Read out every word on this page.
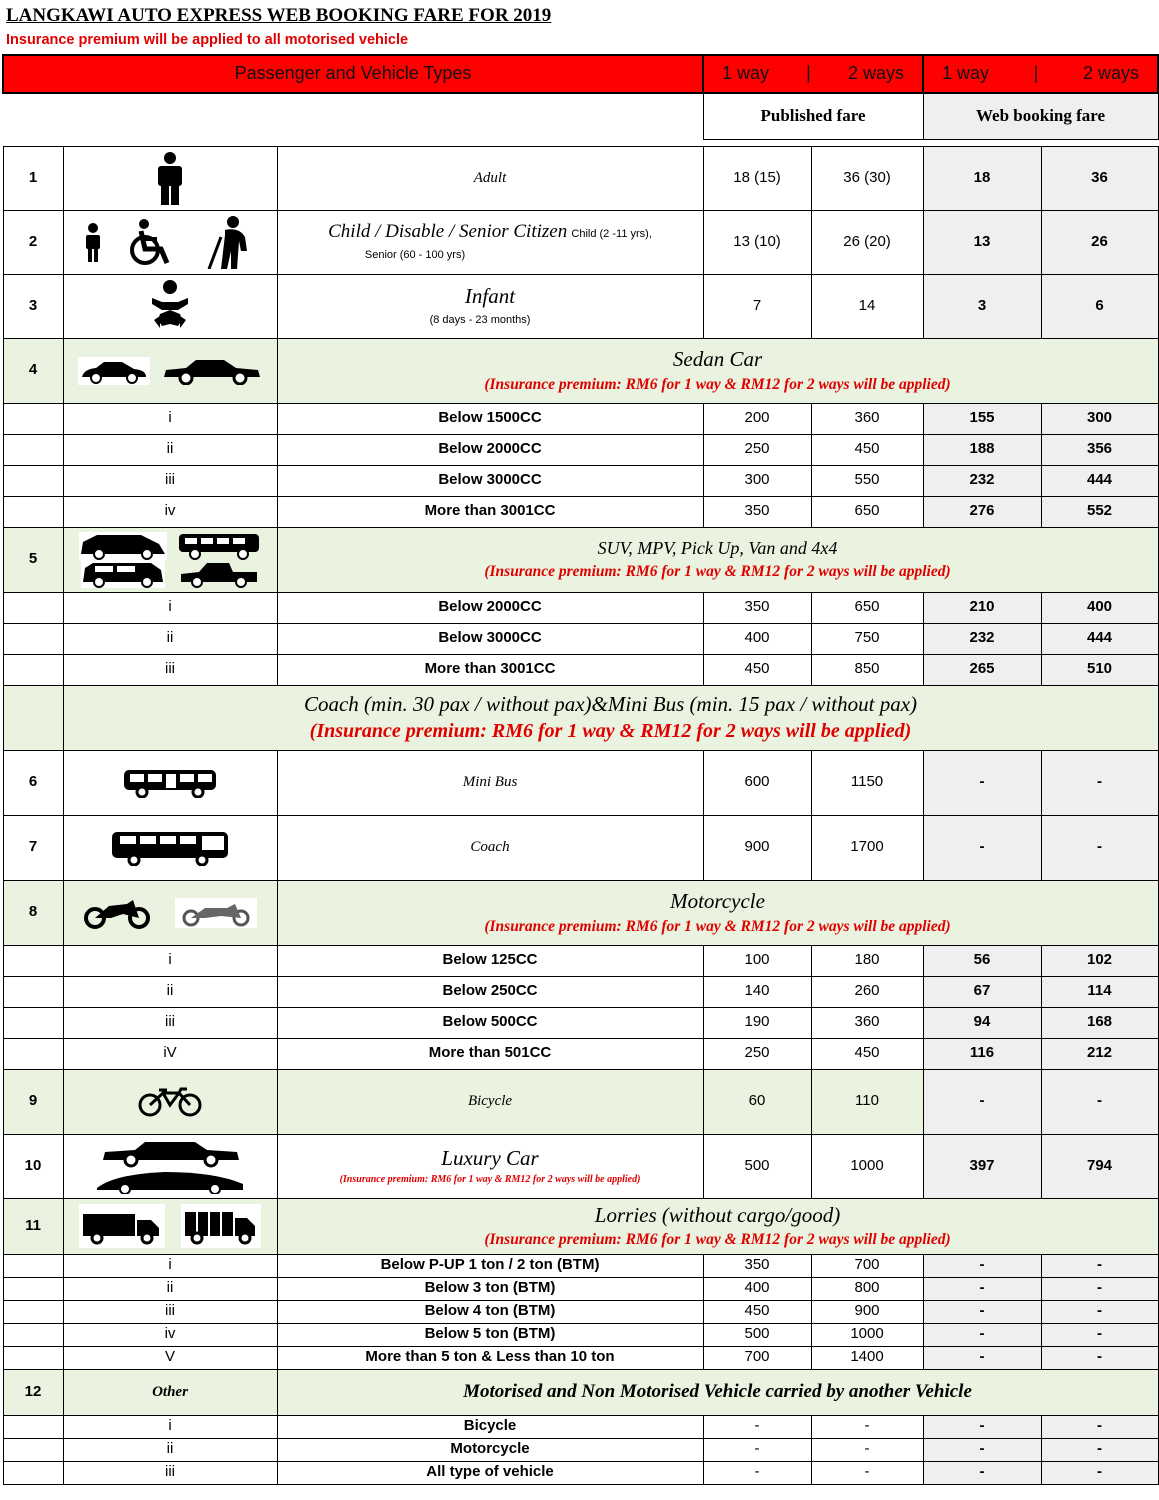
LANGKAWI AUTO EXPRESS WEB BOOKING FARE FOR 2019
Insurance premium will be applied to all motorised vehicle
Passenger and Vehicle Types			1 way | 2 ways		1 way | 2 ways	

			Published fare		Web booking fare	

1		Adult	18 (15)	36 (30)	18	36
2		Child / Disable / Senior Citizen Child (2 -11 yrs),
Senior (60 - 100 yrs)	13 (10)	26 (20)	13	26
3		Infant
(8 days - 23 months)	7	14	3	6
4		Sedan Car
(Insurance premium: RM6 for 1 way & RM12 for 2 ways will be applied)				

	i	Below 1500CC	200	360	155	300
	ii	Below 2000CC	250	450	188	356
	iii	Below 3000CC	300	550	232	444
	iv	More than 3001CC	350	650	276	552
5		SUV, MPV, Pick Up, Van and 4x4
(Insurance premium: RM6 for 1 way & RM12 for 2 ways will be applied)				

	i	Below 2000CC	350	650	210	400
	ii	Below 3000CC	400	750	232	444
	iii	More than 3001CC	450	850	265	510
	Coach (min. 30 pax / without pax)&Mini Bus (min. 15 pax / without pax)
(Insurance premium: RM6 for 1 way & RM12 for 2 ways will be applied)					

6		Mini Bus	600	1150	-	-
7		Coach	900	1700	-	-
8		Motorcycle
(Insurance premium: RM6 for 1 way & RM12 for 2 ways will be applied)				

	i	Below 125CC	100	180	56	102
	ii	Below 250CC	140	260	67	114
	iii	Below 500CC	190	360	94	168
	iV	More than 501CC	250	450	116	212
9		Bicycle	60	110	-	-
10		Luxury Car
(Insurance premium: RM6 for 1 way & RM12 for 2 ways will be applied)	500	1000	397	794
11		Lorries (without cargo/good)
(Insurance premium: RM6 for 1 way & RM12 for 2 ways will be applied)				

	i	Below P-UP 1 ton / 2 ton (BTM)	350	700	-	-
	ii	Below 3 ton (BTM)	400	800	-	-
	iii	Below 4 ton (BTM)	450	900	-	-
	iv	Below 5 ton (BTM)	500	1000	-	-
	V	More than 5 ton & Less than 10 ton	700	1400	-	-
12	Other	Motorised and Non Motorised Vehicle carried by another Vehicle				
	i	Bicycle	-	-	-	-
	ii	Motorcycle	-	-	-	-
	iii	All type of vehicle	-	-	-	-
